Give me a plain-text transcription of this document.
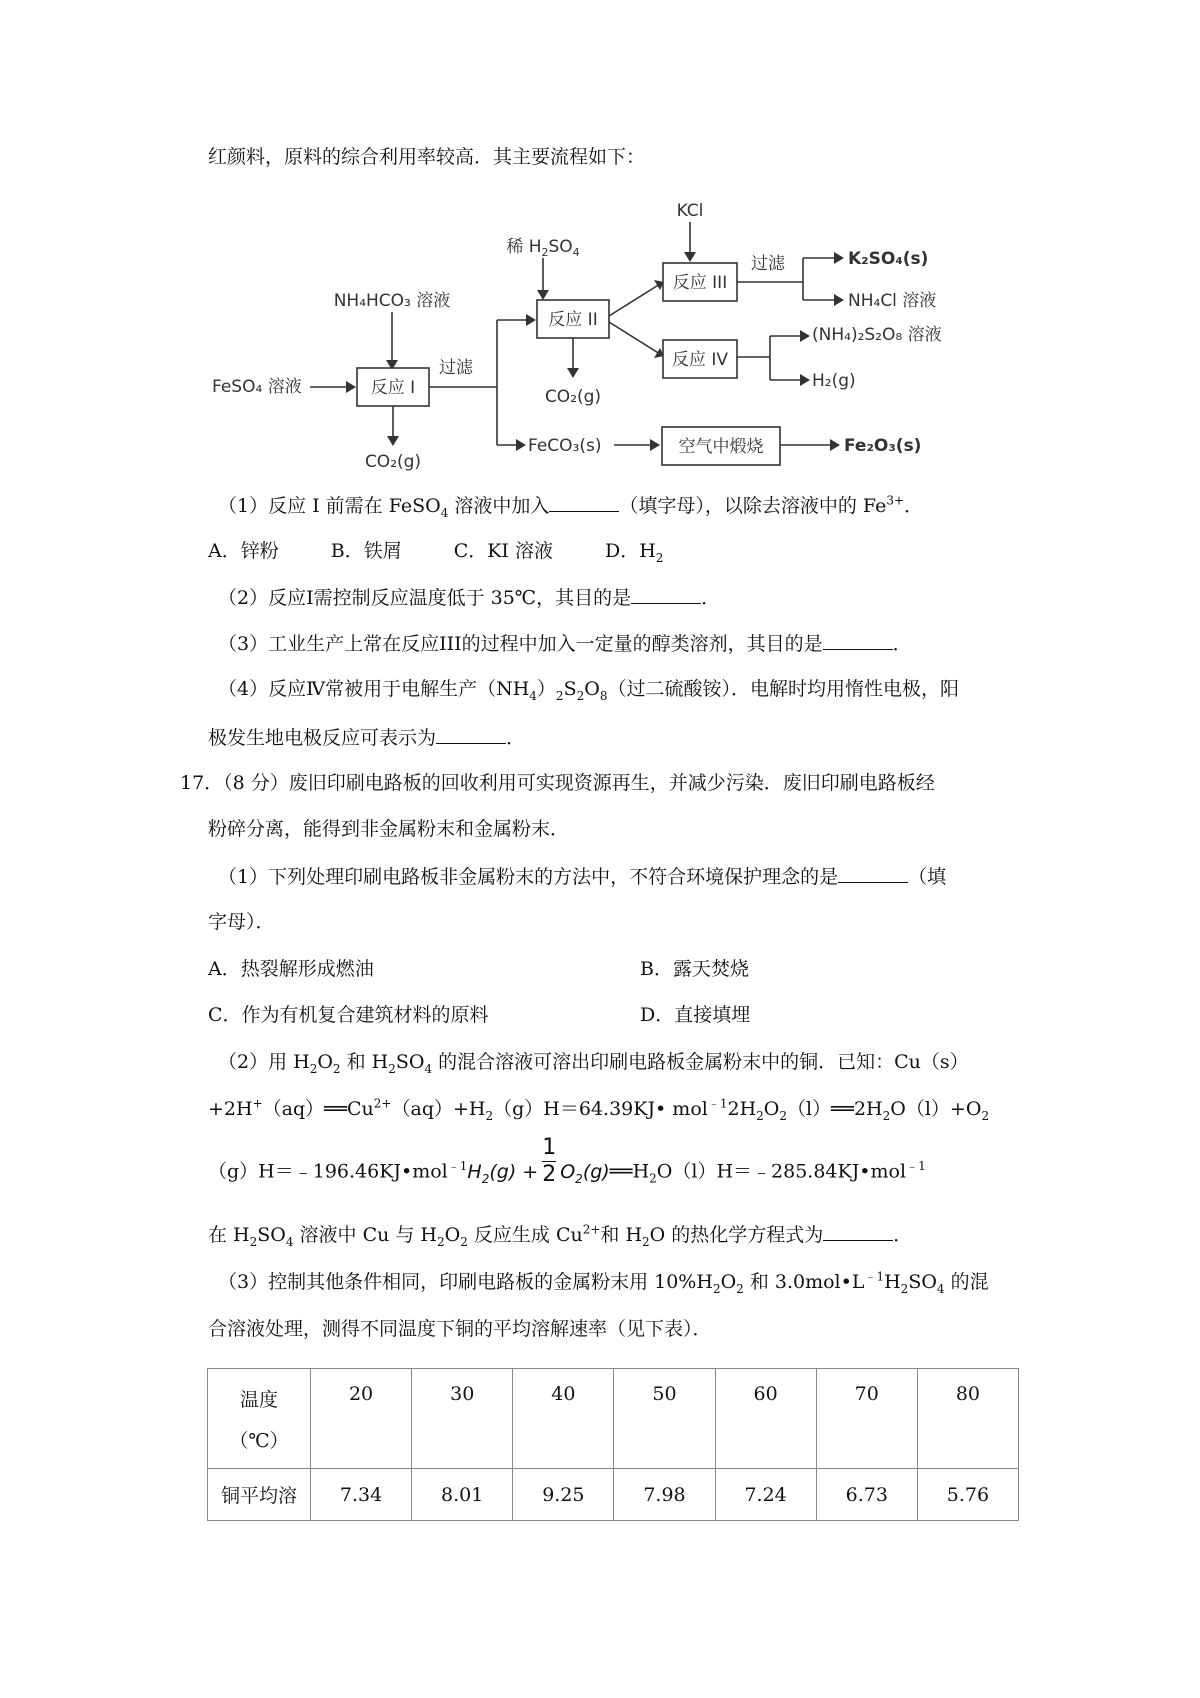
红颜料，原料的综合利用率较高．其主要流程如下：
KCl
稀 $H_2SO_4$
NH₄HCO₃ 溶液
FeSO₄ 溶液	反应 I
CO₂(g)
过滤
反应 II
CO₂(g)
反应 III
过滤	K₂SO₄(s)
NH₄Cl 溶液
反应 IV
(NH₄)₂S₂O₈ 溶液
H₂(g)
FeCO₃(s)	空气中煅烧	Fe₂O₃(s)
（1）反应 I 前需在 FeSO$_4$ 溶液中加入	（填字母），以除去溶液中的 $Fe^{3+}$．
A．锌粉	B．铁屑	C．KI 溶液	D．$H_2$
（2）反应Ⅰ需控制反应温度低于 35℃，其目的是	．
（3）工业生产上常在反应III的过程中加入一定量的醇类溶剂，其目的是	．
（4）反应Ⅳ常被用于电解生产$(NH_4)_2S_2O_8$（过二硫酸铵）．电解时均用惰性电极，阳
极发生地电极反应可表示为	．
17．（8 分）废旧印刷电路板的回收利用可实现资源再生，并减少污染．废旧印刷电路板经
粉碎分离，能得到非金属粉末和金属粉末．
（1）下列处理印刷电路板非金属粉末的方法中，不符合环境保护理念的是	（填
字母）．
A．热裂解形成燃油	B．露天焚烧
C．作为有机复合建筑材料的原料	D．直接填埋
（2）用 $H_2O_2$ 和 $H_2SO_4$ 的混合溶液可溶出印刷电路板金属粉末中的铜．已知：Cu（s）
$+2H^+(aq)══Cu^{2+}(aq)+H_2(g)H=64.39KJ•$ $mol^{﹣1}2H_2O_2(l)══2H_2O(l)+O_2$
$(g)H=﹣196.46KJ•mol^{﹣1}H_2(g) + \frac{1}{2}$ $O_2(g)══H_2O(l)H=﹣285.84KJ•mol^{﹣1}$
在 $H_2SO_4$ 溶液中 Cu 与 $H_2O_2$ 反应生成 $Cu^{2+}$和 $H_2O$ 的热化学方程式为	．
（3）控制其他条件相同，印刷电路板的金属粉末用 $10\%H_2O_2$ 和 $3.0mol•L^{﹣1}H_2SO_4$ 的混
合溶液处理，测得不同温度下铜的平均溶解速率（见下表）．
温度
（℃）	20	30	40	50	60	70	80
铜平均溶	7.34	8.01	9.25	7.98	7.24	6.73	5.76
